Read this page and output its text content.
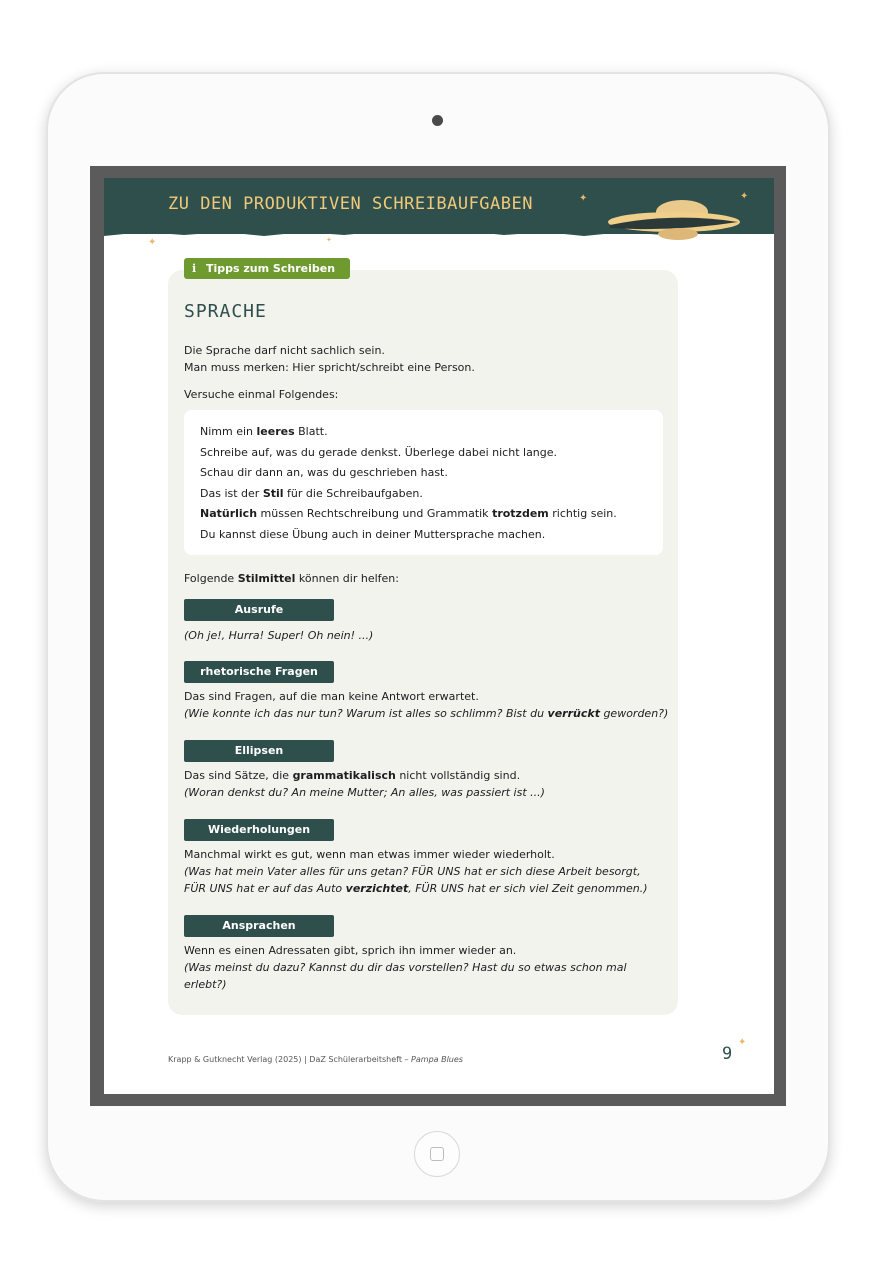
ZU DEN PRODUKTIVEN SCHREIBAUFGABEN	✦	✦
✦	✦
✦
i Tipps zum Schreiben
SPRACHE
Die Sprache darf nicht sachlich sein.
Man muss merken: Hier spricht/schreibt eine Person.
Versuche einmal Folgendes:
Nimm ein leeres Blatt.
Schreibe auf, was du gerade denkst. Überlege dabei nicht lange.
Schau dir dann an, was du geschrieben hast.
Das ist der Stil für die Schreibaufgaben.
Natürlich müssen Rechtschreibung und Grammatik trotzdem richtig sein.
Du kannst diese Übung auch in deiner Muttersprache machen.
Folgende Stilmittel können dir helfen:
Ausrufe
(Oh je!, Hurra! Super! Oh nein! ...)
rhetorische Fragen
Das sind Fragen, auf die man keine Antwort erwartet.
(Wie konnte ich das nur tun? Warum ist alles so schlimm? Bist du verrückt geworden?)
Ellipsen
Das sind Sätze, die grammatikalisch nicht vollständig sind.
(Woran denkst du? An meine Mutter; An alles, was passiert ist ...)
Wiederholungen
Manchmal wirkt es gut, wenn man etwas immer wieder wiederholt.
(Was hat mein Vater alles für uns getan? FÜR UNS hat er sich diese Arbeit besorgt,
FÜR UNS hat er auf das Auto verzichtet, FÜR UNS hat er sich viel Zeit genommen.)
Ansprachen
Wenn es einen Adressaten gibt, sprich ihn immer wieder an.
(Was meinst du dazu? Kannst du dir das vorstellen? Hast du so etwas schon mal
erlebt?)
Krapp & Gutknecht Verlag (2025) | DaZ Schülerarbeitsheft – Pampa Blues	9
